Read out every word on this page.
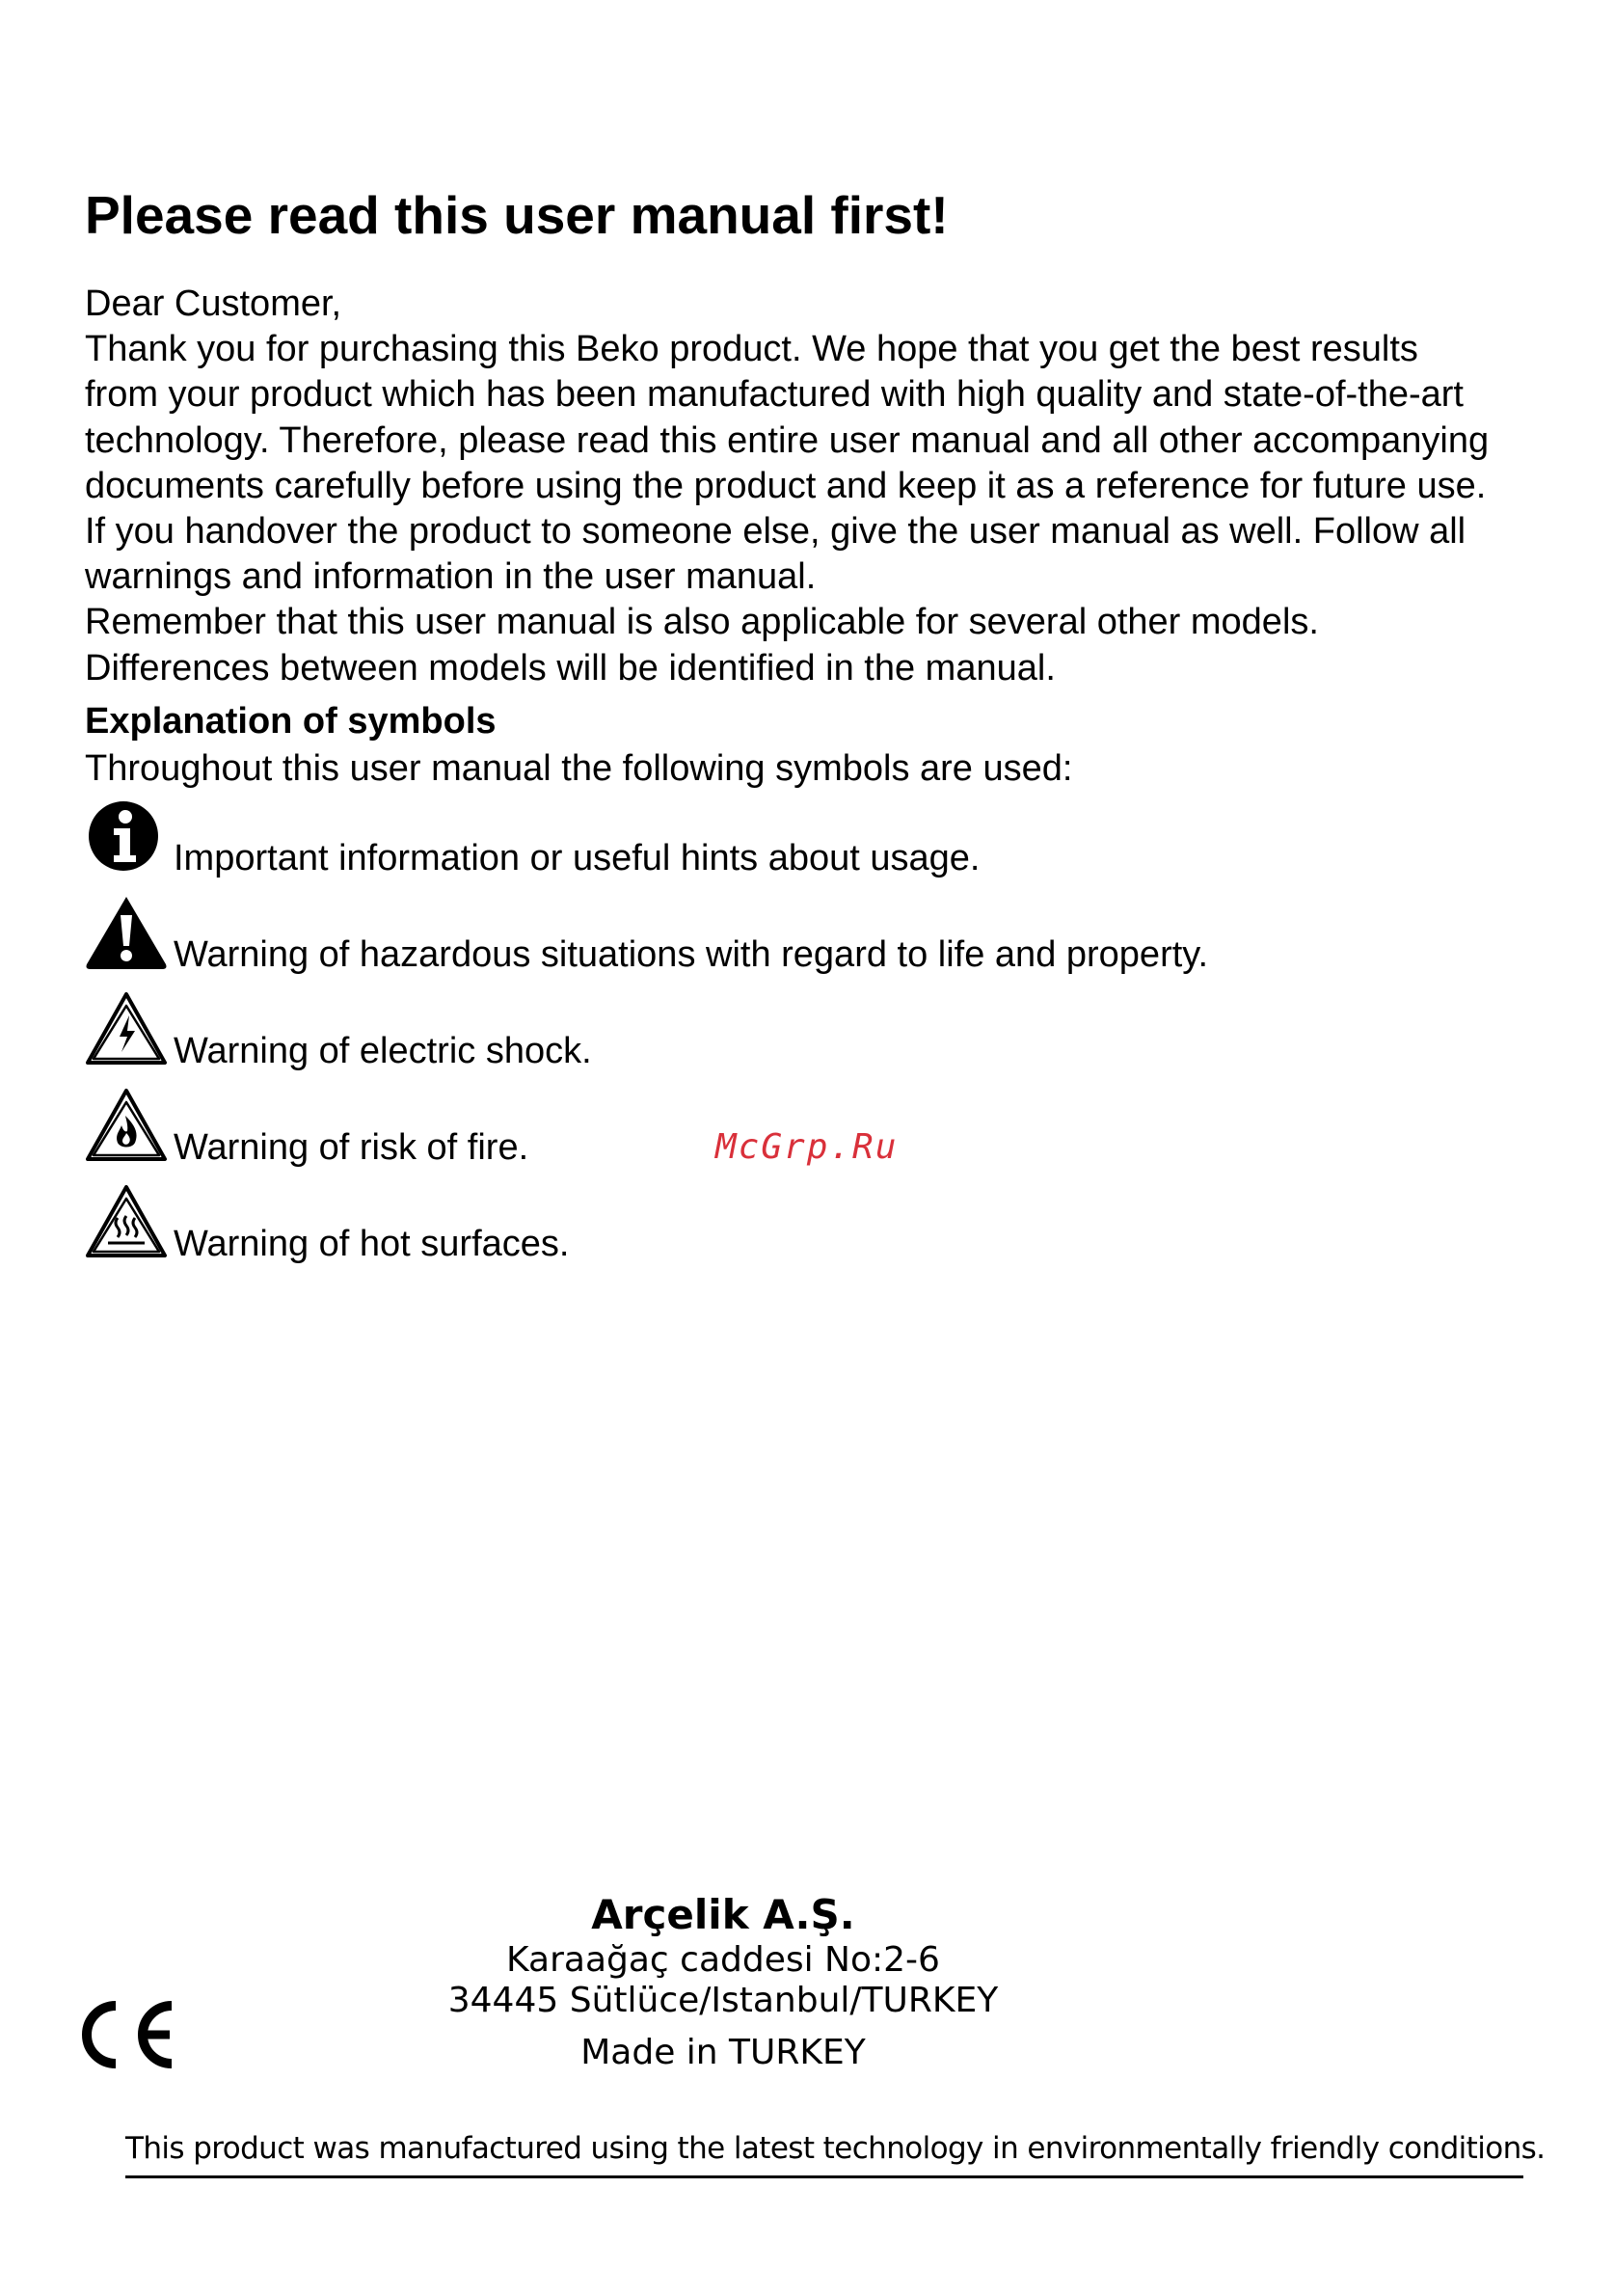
Please read this user manual first!
Dear Customer,
Thank you for purchasing this Beko product. We hope that you get the best results
from your product which has been manufactured with high quality and state-of-the-art
technology. Therefore, please read this entire user manual and all other accompanying
documents carefully before using the product and keep it as a reference for future use.
If you handover the product to someone else, give the user manual as well. Follow all
warnings and information in the user manual.
Remember that this user manual is also applicable for several other models.
Differences between models will be identified in the manual.
Explanation of symbols
Throughout this user manual the following symbols are used:
Important information or useful hints about usage.
Warning of hazardous situations with regard to life and property.
Warning of electric shock.
Warning of risk of fire.
Warning of hot surfaces.
McGrp.Ru
Arçelik A.Ş.
Karaağaç caddesi No:2-6
34445 Sütlüce/Istanbul/TURKEY
Made in TURKEY
This product was manufactured using the latest technology in environmentally friendly conditions.
